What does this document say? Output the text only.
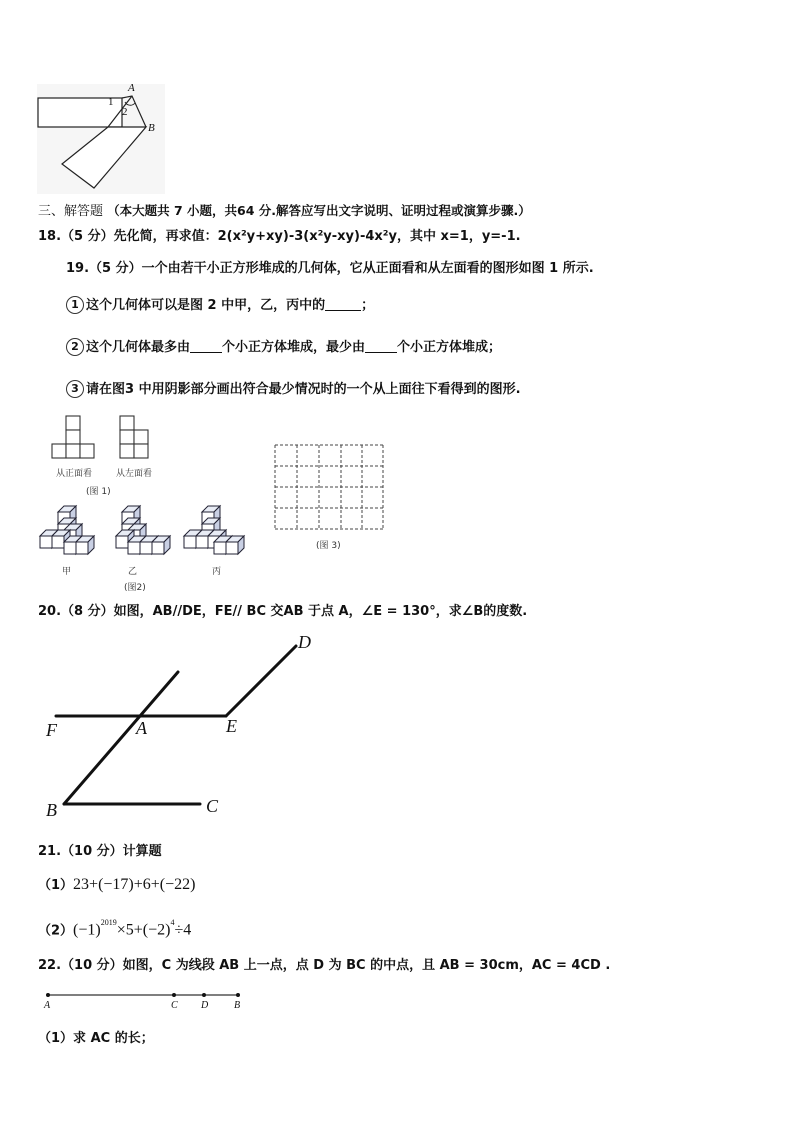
A
1
2
B
三、解答题 （本大题共 7 小题，共64 分.解答应写出文字说明、证明过程或演算步骤.）
18.（5 分）先化简，再求值：2(x²y+xy)-3(x²y-xy)-4x²y，其中 x=1，y=-1.
19.（5 分）一个由若干小正方形堆成的几何体，它从正面看和从左面看的图形如图 1 所示.
1 这个几何体可以是图 2 中甲，乙，丙中的	；
2 这个几何体最多由 个小正方体堆成，最少由 个小正方体堆成；
3 请在图3 中用阴影部分画出符合最少情况时的一个从上面往下看得到的图形.
从正面看	从左面看
(图 1)
(图 3)
甲	乙	丙
(图2)
20.（8 分）如图，AB//DE，FE// BC 交AB 于点 A，∠E = 130°，求∠B的度数.
D
F	A	E
B	C
21.（10 分）计算题
（1）23+(−17)+6+(−22)
$(2)(-1)^{2019}\times 5+(-2)^4\div 4$
22.（10 分）如图，C 为线段 AB 上一点，点 D 为 BC 的中点，且 AB = 30cm，AC = 4CD .
A	C D	B
（1）求 AC 的长；
